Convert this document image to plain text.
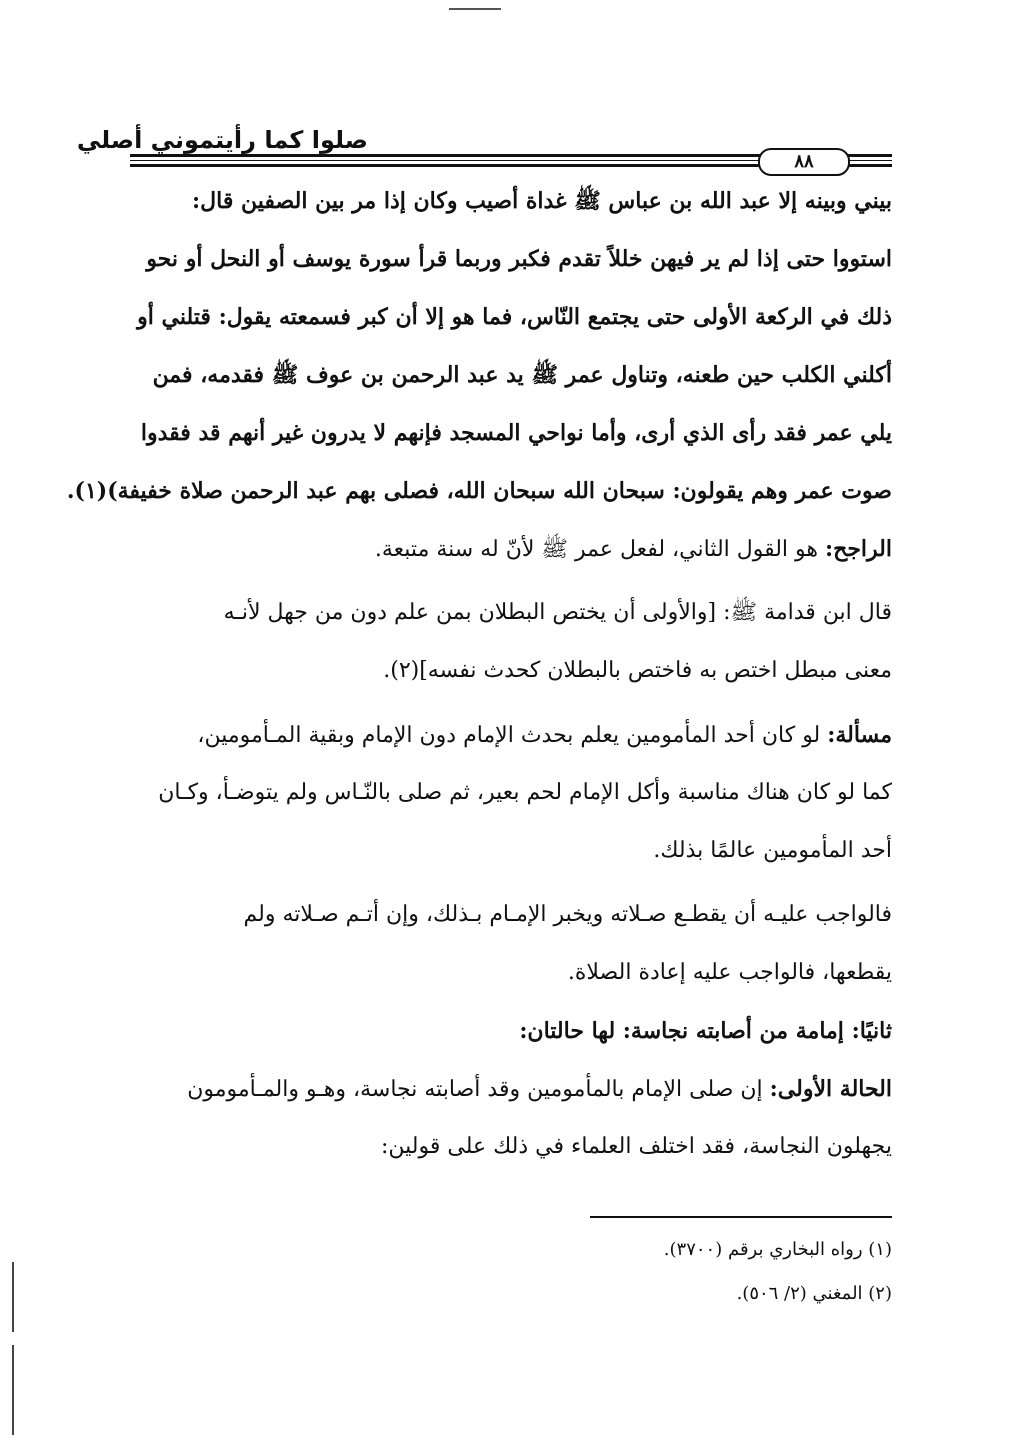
صلوا كما رأيتموني أصلي
٨٨
بيني وبينه إلا عبد الله بن عباس ﷺ غداة أصيب وكان إذا مر بين الصفين قال:
استووا حتى إذا لم ير فيهن خللاً تقدم فكبر وربما قرأ سورة يوسف أو النحل أو نحو
ذلك في الركعة الأولى حتى يجتمع النّاس، فما هو إلا أن كبر فسمعته يقول: قتلني أو
أكلني الكلب حين طعنه، وتناول عمر ﷺ يد عبد الرحمن بن عوف ﷺ فقدمه، فمن
يلي عمر فقد رأى الذي أرى، وأما نواحي المسجد فإنهم لا يدرون غير أنهم قد فقدوا
صوت عمر وهم يقولون: سبحان الله سبحان الله، فصلى بهم عبد الرحمن صلاة خفيفة)(١).
الراجح: هو القول الثاني، لفعل عمر ﷺ لأنّ له سنة متبعة.
قال ابن قدامة ﷺ: [والأولى أن يختص البطلان بمن علم دون من جهل لأنـه
معنى مبطل اختص به فاختص بالبطلان كحدث نفسه](٢).
مسألة: لو كان أحد المأمومين يعلم بحدث الإمام دون الإمام وبقية المـأمومين،
كما لو كان هناك مناسبة وأكل الإمام لحم بعير، ثم صلى بالنّـاس ولم يتوضـأ، وكـان
أحد المأمومين عالمًا بذلك.
فالواجب عليـه أن يقطـع صـلاته ويخبر الإمـام بـذلك، وإن أتـم صـلاته ولم
يقطعها، فالواجب عليه إعادة الصلاة.
ثانيًا: إمامة من أصابته نجاسة: لها حالتان:
الحالة الأولى: إن صلى الإمام بالمأمومين وقد أصابته نجاسة، وهـو والمـأمومون
يجهلون النجاسة، فقد اختلف العلماء في ذلك على قولين:
(١) رواه البخاري برقم (٣٧٠٠).
(٢) المغني (٢/ ٥٠٦).
